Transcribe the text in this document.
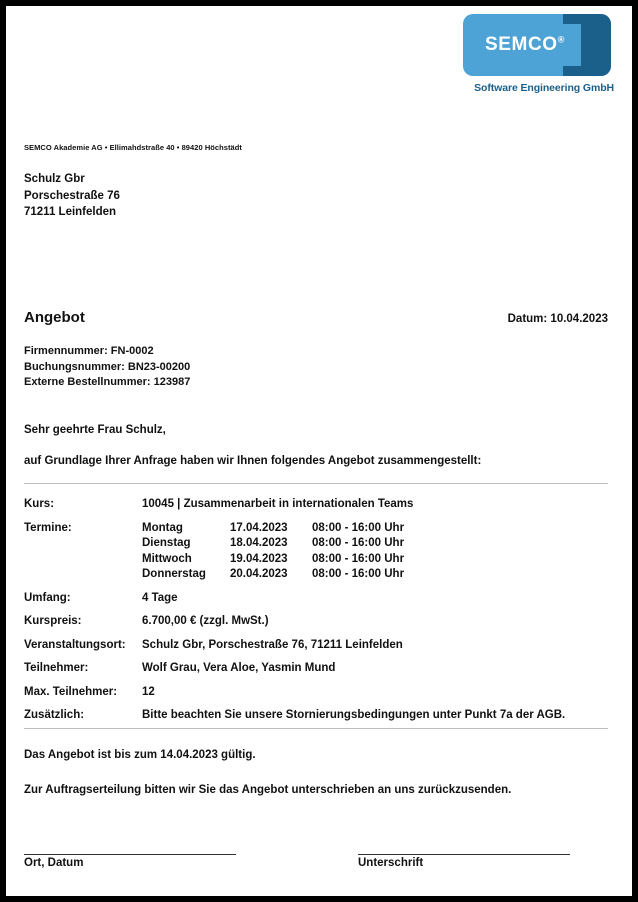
SEMCO®
Software Engineering GmbH
SEMCO Akademie AG • Ellimahdstraße 40 • 89420 Höchstädt
Schulz Gbr
Porschestraße 76
71211 Leinfelden
Angebot	Datum: 10.04.2023
Firmennummer: FN-0002
Buchungsnummer: BN23-00200
Externe Bestellnummer: 123987
Sehr geehrte Frau Schulz,
auf Grundlage Ihrer Anfrage haben wir Ihnen folgendes Angebot zusammengestellt:
Kurs:	10045 | Zusammenarbeit in internationalen Teams
Termine:		Montag	17.04.2023	08:00 - 16:00 Uhr
Dienstag	18.04.2023	08:00 - 16:00 Uhr
Mittwoch	19.04.2023	08:00 - 16:00 Uhr
Donnerstag	20.04.2023	08:00 - 16:00 Uhr

Umfang:	4 Tage
Kurspreis:	6.700,00 € (zzgl. MwSt.)
Veranstaltungsort:	Schulz Gbr, Porschestraße 76, 71211 Leinfelden
Teilnehmer:	Wolf Grau, Vera Aloe, Yasmin Mund
Max. Teilnehmer:	12
Zusätzlich:	Bitte beachten Sie unsere Stornierungsbedingungen unter Punkt 7a der AGB.
Das Angebot ist bis zum 14.04.2023 gültig.
Zur Auftragserteilung bitten wir Sie das Angebot unterschrieben an uns zurückzusenden.
Ort, Datum	Unterschrift
